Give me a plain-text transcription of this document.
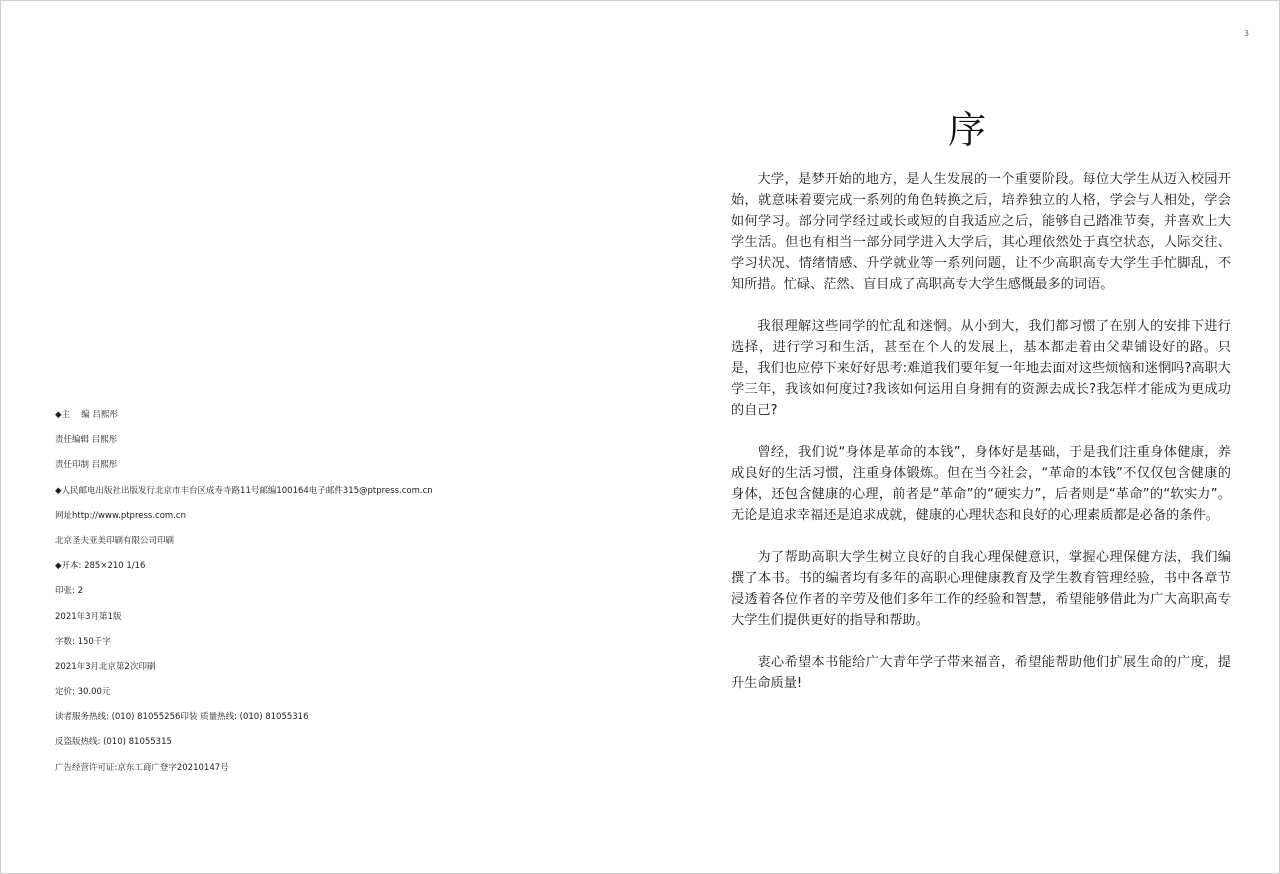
◆主　 编 吕熙彤
责任编辑 吕熙彤
责任印制 吕熙彤
◆人民邮电出版社出版发行北京市丰台区成寿寺路11号邮编100164电子邮件315@ptpress.com.cn
网址http://www.ptpress.com.cn
北京圣夫亚美印刷有限公司印刷
◆开本: 285×210 1/16
印张: 2
2021年3月第1版
字数: 150千字
2021年3月北京第2次印刷
定价: 30.00元
读者服务热线: (010) 81055256印装 质量热线: (010) 81055316
反盗版热线: (010) 81055315
广告经营许可证:京东工商广登字20210147号
3
序

大学，是梦开始的地方，是人生发展的一个重要阶段。每位大学生从迈入校园开始，就意味着要完成一系列的角色转换之后，培养独立的人格，学会与人相处，学会如何学习。部分同学经过或长或短的自我适应之后，能够自己踏准节奏，并喜欢上大学生活。但也有相当一部分同学进入大学后，其心理依然处于真空状态，人际交往、学习状况、情绪情感、升学就业等一系列问题，让不少高职高专大学生手忙脚乱，不知所措。忙碌、茫然、盲目成了高职高专大学生感慨最多的词语。

我很理解这些同学的忙乱和迷惘。从小到大，我们都习惯了在别人的安排下进行选择，进行学习和生活，甚至在个人的发展上，基本都走着由父辈铺设好的路。只是，我们也应停下来好好思考:难道我们要年复一年地去面对这些烦恼和迷惘吗?高职大学三年，我该如何度过?我该如何运用自身拥有的资源去成长?我怎样才能成为更成功的自己?

曾经，我们说“身体是革命的本钱”，身体好是基础，于是我们注重身体健康，养成良好的生活习惯，注重身体锻炼。但在当今社会，“革命的本钱”不仅仅包含健康的身体，还包含健康的心理，前者是“革命”的“硬实力”，后者则是“革命”的“软实力”。无论是追求幸福还是追求成就，健康的心理状态和良好的心理素质都是必备的条件。

为了帮助高职大学生树立良好的自我心理保健意识，掌握心理保健方法，我们编撰了本书。书的编者均有多年的高职心理健康教育及学生教育管理经验，书中各章节浸透着各位作者的辛劳及他们多年工作的经验和智慧，希望能够借此为广大高职高专大学生们提供更好的指导和帮助。

衷心希望本书能给广大青年学子带来福音，希望能帮助他们扩展生命的广度，提升生命质量!
